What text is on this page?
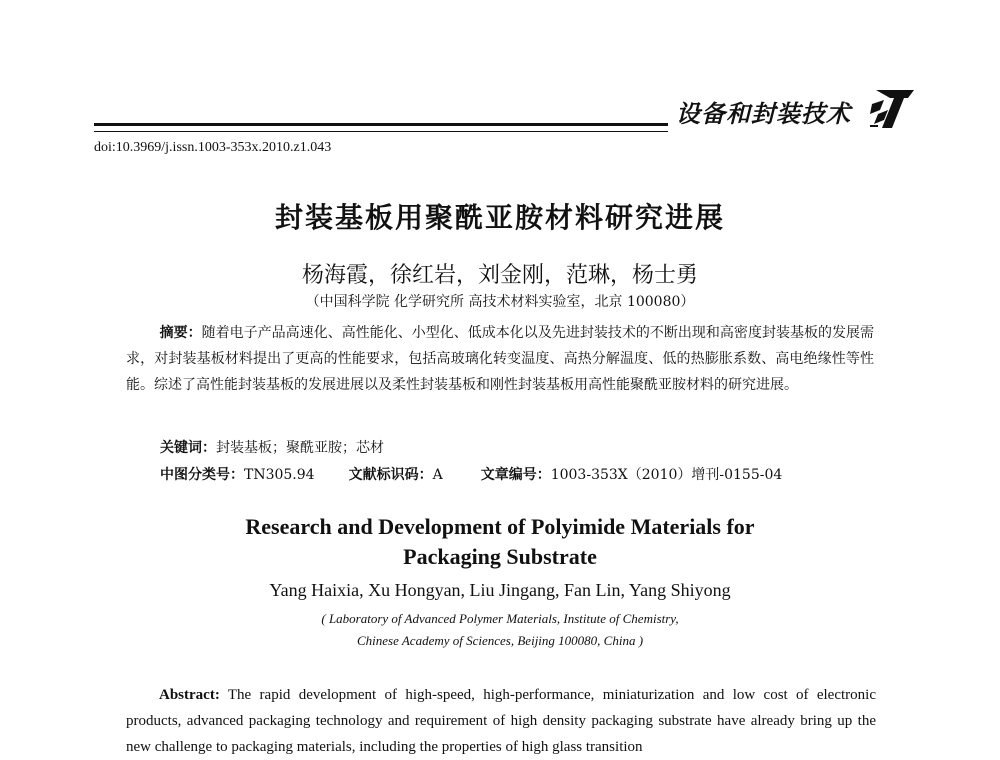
设备和封装技术
doi:10.3969/j.issn.1003-353x.2010.z1.043
封装基板用聚酰亚胺材料研究进展
杨海霞，徐红岩，刘金刚，范琳，杨士勇
（中国科学院 化学研究所 高技术材料实验室，北京 100080）
摘要：随着电子产品高速化、高性能化、小型化、低成本化以及先进封装技术的不断出现和高密度封装基板的发展需求，对封装基板材料提出了更高的性能要求，包括高玻璃化转变温度、高热分解温度、低的热膨胀系数、高电绝缘性等性能。综述了高性能封装基板的发展进展以及柔性封装基板和刚性封装基板用高性能聚酰亚胺材料的研究进展。
关键词：封装基板；聚酰亚胺；芯材
中图分类号：TN305.94 文献标识码：A	文章编号：1003-353X（2010）增刊-0155-04
Research and Development of Polyimide Materials for
Packaging Substrate
Yang Haixia, Xu Hongyan, Liu Jingang, Fan Lin, Yang Shiyong
( Laboratory of Advanced Polymer Materials, Institute of Chemistry,
Chinese Academy of Sciences, Beijing 100080, China )
Abstract: The rapid development of high-speed, high-performance, miniaturization and low cost of electronic products, advanced packaging technology and requirement of high density packaging substrate have already bring up the new challenge to packaging materials, including the properties of high glass transition
